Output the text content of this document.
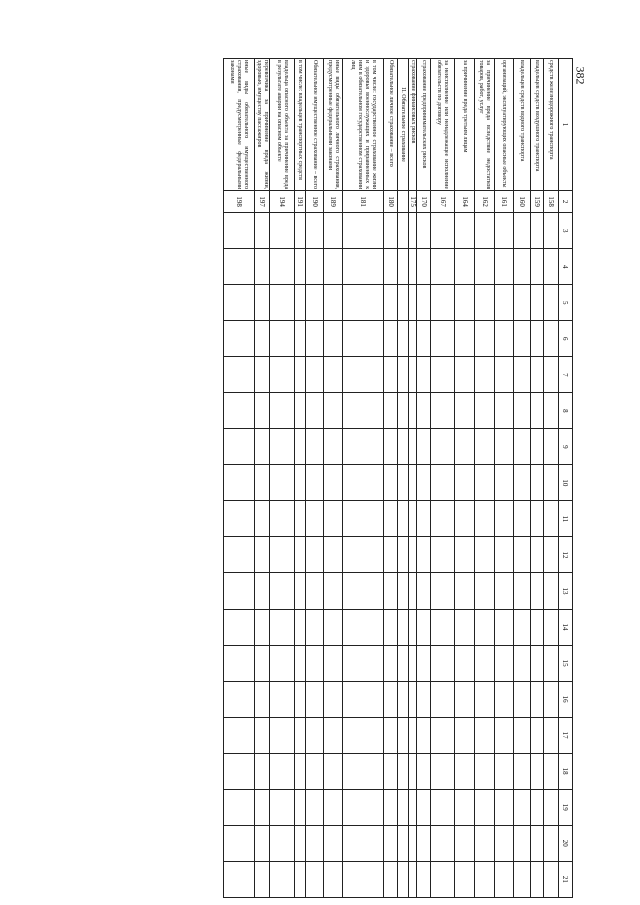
382
1	2	3	4	5	6	7	8	9	10	11	12	13	14	15	16	17	18	19	20	21
средств железнодорожного транспорта	158																			
владельцев средств воздушного транспорта	159																			
владельцев средств водного транспорта	160																			
организаций, эксплуатирующих опасные объекты	161																			
за причинение вреда вследствие недостатков товаров, работ, услуг	162																			
за причинение вреда третьим лицам	164																			
за неисполнение или ненадлежащее исполнение обязательств по договору	167																			
страхование предпринимательских рисков	170																			
страхование финансовых рисков	175																			
II. Обязательное страхование																				
Обязательное личное страхование – всего	180																			
в том числе: государственное страхование жизни и здоровья военнослужащих и приравненных к ним в обязательном государственном страховании лиц	181																			
иные виды обязательного личного страхования, предусмотренные федеральными законами	189																			
Обязательное имущественное страхование – всего	190																			
в том числе: владельцев транспортных средств	191																			
владельца опасного объекта за причинение вреда в результате аварии на опасном объекте	194																			
перевозчика за причинение вреда жизни, здоровью, имуществу пассажиров	197																			
иные виды обязательного имущественного страхования, предусмотренные федеральными законами	198																			
